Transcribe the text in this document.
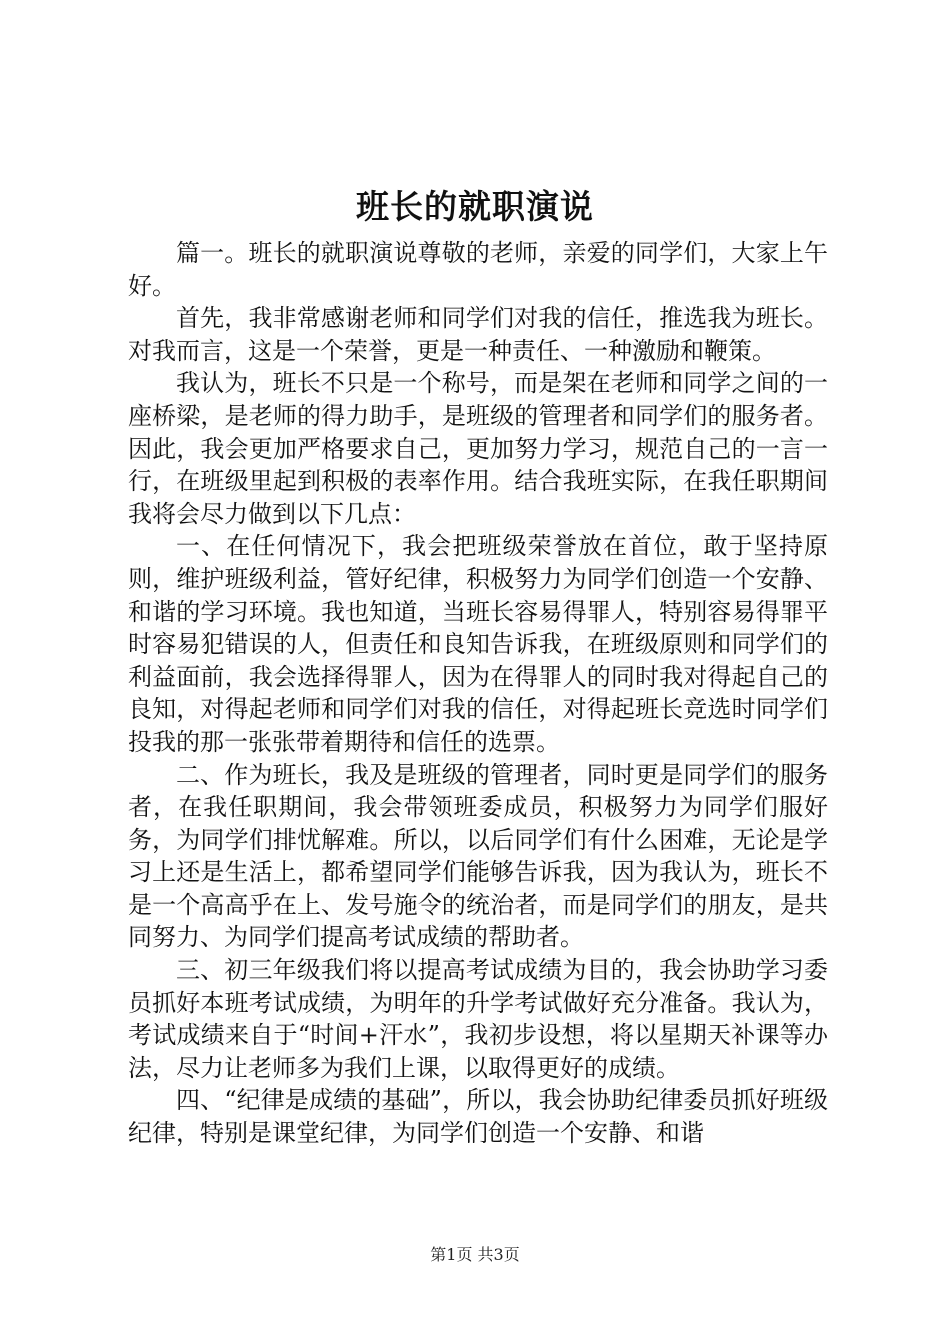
班长的就职演说

篇一。班长的就职演说尊敬的老师，亲爱的同学们，大家上午好。

首先，我非常感谢老师和同学们对我的信任，推选我为班长。对我而言，这是一个荣誉，更是一种责任、一种激励和鞭策。

我认为，班长不只是一个称号，而是架在老师和同学之间的一座桥梁，是老师的得力助手，是班级的管理者和同学们的服务者。因此，我会更加严格要求自己，更加努力学习，规范自己的一言一行，在班级里起到积极的表率作用。结合我班实际，在我任职期间我将会尽力做到以下几点：

一、在任何情况下，我会把班级荣誉放在首位，敢于坚持原则，维护班级利益，管好纪律，积极努力为同学们创造一个安静、和谐的学习环境。我也知道，当班长容易得罪人，特别容易得罪平时容易犯错误的人，但责任和良知告诉我，在班级原则和同学们的利益面前，我会选择得罪人，因为在得罪人的同时我对得起自己的良知，对得起老师和同学们对我的信任，对得起班长竞选时同学们投我的那一张张带着期待和信任的选票。

二、作为班长，我及是班级的管理者，同时更是同学们的服务者，在我任职期间，我会带领班委成员，积极努力为同学们服好务，为同学们排忧解难。所以，以后同学们有什么困难，无论是学习上还是生活上，都希望同学们能够告诉我，因为我认为，班长不是一个高高乎在上、发号施令的统治者，而是同学们的朋友，是共同努力、为同学们提高考试成绩的帮助者。

三、初三年级我们将以提高考试成绩为目的，我会协助学习委员抓好本班考试成绩，为明年的升学考试做好充分准备。我认为，考试成绩来自于“时间+汗水”，我初步设想，将以星期天补课等办法，尽力让老师多为我们上课，以取得更好的成绩。

四、“纪律是成绩的基础”，所以，我会协助纪律委员抓好班级纪律，特别是课堂纪律，为同学们创造一个安静、和谐

第1页 共3页
